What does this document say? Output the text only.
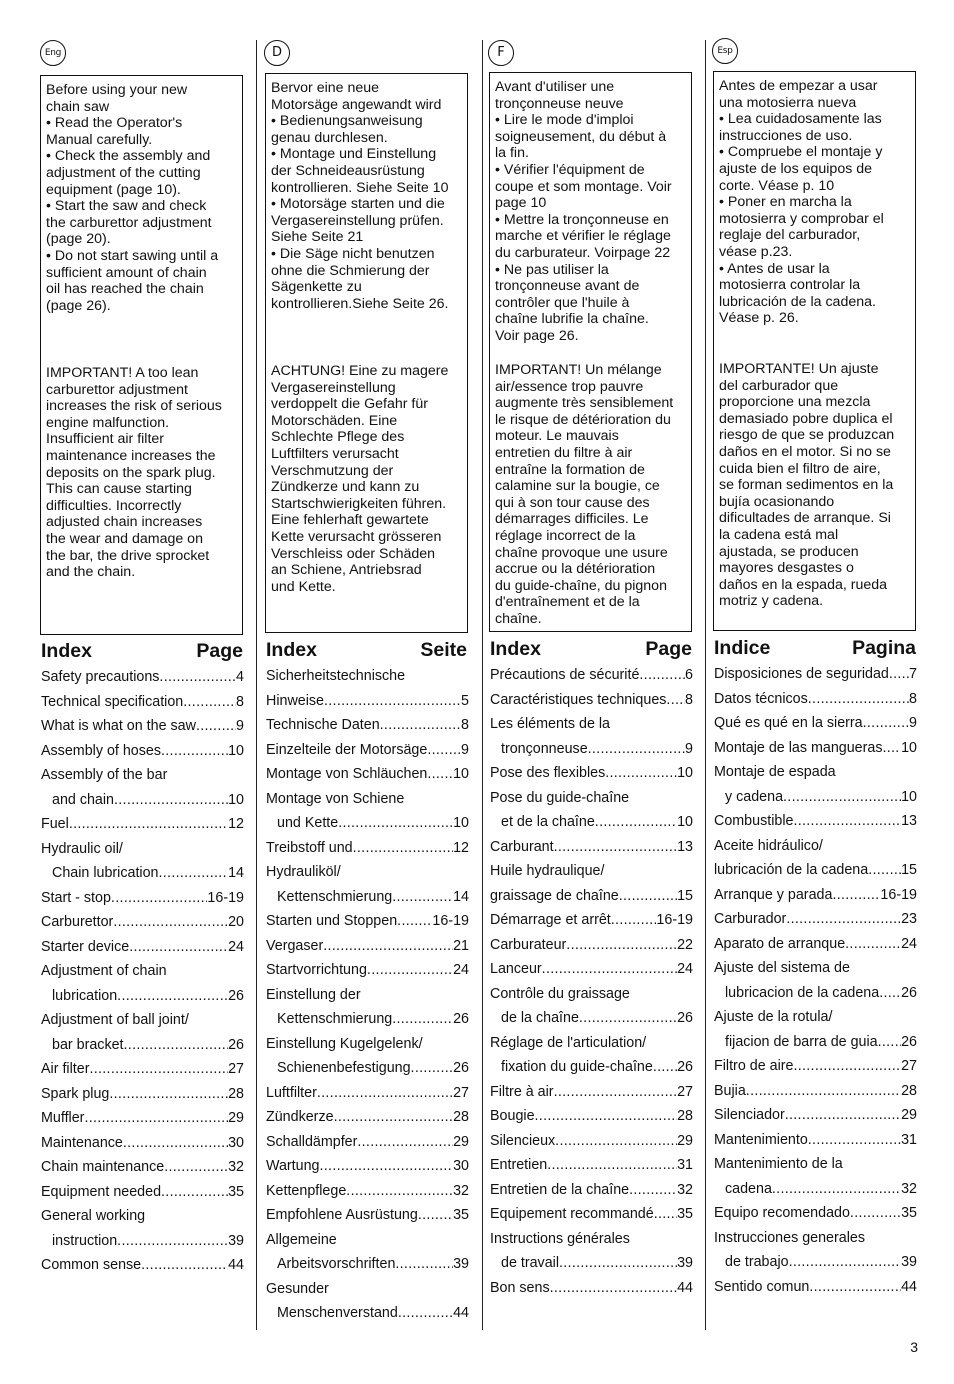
Eng

Before using your new
chain saw
• Read the Operator's
Manual carefully.
• Check the assembly and
adjustment of the cutting
equipment (page 10).
• Start the saw and check
the carburettor adjustment
(page 20).
• Do not start sawing until a
sufficient amount of chain
oil has reached the chain
(page 26).

IMPORTANT! A too lean
carburettor adjustment
increases the risk of serious
engine malfunction.
Insufficient air filter
maintenance increases the
deposits on the spark plug.
This can cause starting
difficulties. Incorrectly
adjusted chain increases
the wear and damage on
the bar, the drive sprocket
and the chain.

Index	Page
Safety precautions .....	4
Technical specification .....	8
What is what on the saw .....	9
Assembly of hoses .....	10
Assembly of the bar
and chain .....	10
Fuel .....	12
Hydraulic oil/
Chain lubrication .....	14
Start - stop .....	16-19
Carburettor .....	20
Starter device .....	24
Adjustment of chain
lubrication .....	26
Adjustment of ball joint/
bar bracket .....	26
Air filter .....	27
Spark plug .....	28
Muffler .....	29
Maintenance .....	30
Chain maintenance .....	32
Equipment needed .....	35
General working
instruction .....	39
Common sense .....	44
D

Bervor eine neue
Motorsäge angewandt wird
• Bedienungsanweisung
genau durchlesen.
• Montage und Einstellung
der Schneideausrüstung
kontrollieren. Siehe Seite 10
• Motorsäge starten und die
Vergasereinstellung prüfen.
Siehe Seite 21
• Die Säge nicht benutzen
ohne die Schmierung der
Sägenkette zu
kontrollieren.Siehe Seite 26.

ACHTUNG! Eine zu magere
Vergasereinstellung
verdoppelt die Gefahr für
Motorschäden. Eine
Schlechte Pflege des
Luftfilters verursacht
Verschmutzung der
Zündkerze und kann zu
Startschwierigkeiten führen.
Eine fehlerhaft gewartete
Kette verursacht grösseren
Verschleiss oder Schäden
an Schiene, Antriebsrad
und Kette.

Index	Seite
Sicherheitstechnische
Hinweise .....	5
Technische Daten .....	8
Einzelteile der Motorsäge ..... 9
Montage von Schläuchen ..... 10
Montage von Schiene
und Kette .....	10
Treibstoff und .....	12
Hydrauliköl/
Kettenschmierung .....	14
Starten und Stoppen ..... 16-19
Vergaser .....	21
Startvorrichtung .....	24
Einstellung der
Kettenschmierung .....	26
Einstellung Kugelgelenk/
Schienenbefestigung .....	26
Luftfilter .....	27
Zündkerze .....	28
Schalldämpfer .....	29
Wartung .....	30
Kettenpflege .....	32
Empfohlene Ausrüstung ..... 35
Allgemeine
Arbeitsvorschriften .....	39
Gesunder
Menschenverstand .....	44
F

Avant d'utiliser une
tronçonneuse neuve
• Lire le mode d'imploi
soigneusement, du début à
la fin.
• Vérifier l'équipment de
coupe et som montage. Voir
page 10
• Mettre la tronçonneuse en
marche et vérifier le réglage
du carburateur. Voirpage 22
• Ne pas utiliser la
tronçonneuse avant de
contrôler que l'huile à
chaîne lubrifie la chaîne.
Voir page 26.

IMPORTANT! Un mélange
air/essence trop pauvre
augmente très sensiblement
le risque de détérioration du
moteur. Le mauvais
entretien du filtre à air
entraîne la formation de
calamine sur la bougie, ce
qui à son tour cause des
démarrages difficiles. Le
réglage incorrect de la
chaîne provoque une usure
accrue ou la détérioration
du guide-chaîne, du pignon
d'entraînement et de la
chaîne.

Index	Page
Précautions de sécurité .....	6
Caractéristiques techniques ..... 8
Les éléments de la
tronçonneuse .....	9
Pose des flexibles .....	10
Pose du guide-chaîne
et de la chaîne .....	10
Carburant .....	13
Huile hydraulique/
graissage de chaîne .....	15
Démarrage et arrêt .....	16-19
Carburateur .....	22
Lanceur .....	24
Contrôle du graissage
de la chaîne .....	26
Réglage de l'articulation/
fixation du guide-chaîne ..... 26
Filtre à air .....	27
Bougie .....	28
Silencieux .....	29
Entretien .....	31
Entretien de la chaîne .....	32
Equipement recommandé ..... 35
Instructions générales
de travail .....	39
Bon sens .....	44
Esp

Antes de empezar a usar
una motosierra nueva
• Lea cuidadosamente las
instrucciones de uso.
• Compruebe el montaje y
ajuste de los equipos de
corte. Véase p. 10
• Poner en marcha la
motosierra y comprobar el
reglaje del carburador,
véase p.23.
• Antes de usar la
motosierra controlar la
lubricación de la cadena.
Véase p. 26.

IMPORTANTE! Un ajuste
del carburador que
proporcione una mezcla
demasiado pobre duplica el
riesgo de que se produzcan
daños en el motor. Si no se
cuida bien el filtro de aire,
se forman sedimentos en la
bujía ocasionando
dificultades de arranque. Si
la cadena está mal
ajustada, se producen
mayores desgastes o
daños en la espada, rueda
motriz y cadena.

Indice	Pagina
Disposiciones de seguridad ..... 7
Datos técnicos .....	8
Qué es qué en la sierra .....	9
Montaje de las mangueras ..... 10
Montaje de espada
y cadena .....	10
Combustible .....	13
Aceite hidráulico/
lubricación de la cadena ..... 15
Arranque y parada .....	16-19
Carburador .....	23
Aparato de arranque .....	24
Ajuste del sistema de
lubricacion de la cadena ..... 26
Ajuste de la rotula/
fijacion de barra de guia ..... 26
Filtro de aire .....	27
Bujia .....	28
Silenciador .....	29
Mantenimiento .....	31
Mantenimiento de la
cadena .....	32
Equipo recomendado .....	35
Instrucciones generales
de trabajo .....	39
Sentido comun .....	44
3
